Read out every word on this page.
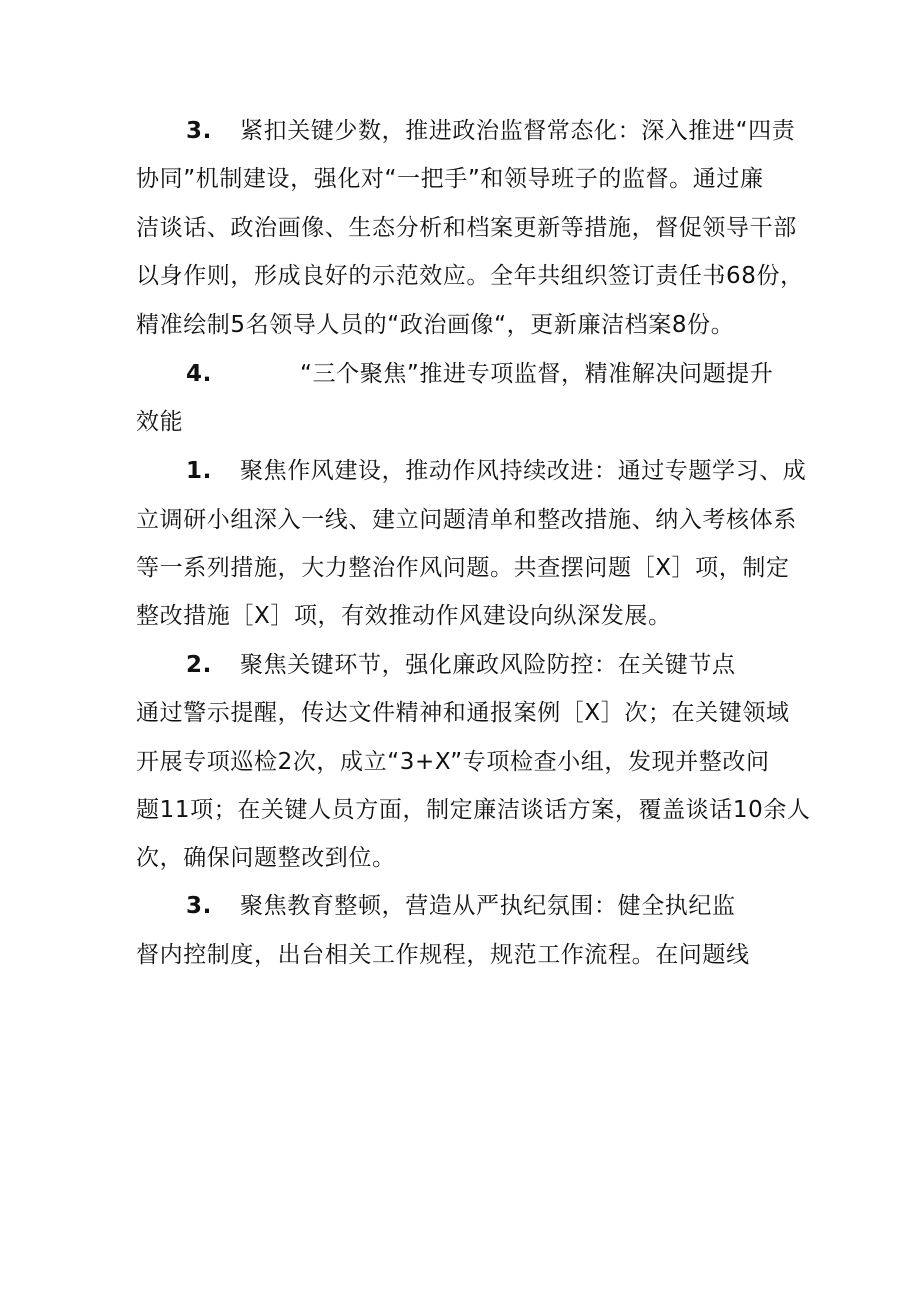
3. 紧扣关键少数，推进政治监督常态化：深入推进“四责
协同”机制建设，强化对“一把手”和领导班子的监督。通过廉
洁谈话、政治画像、生态分析和档案更新等措施，督促领导干部
以身作则，形成良好的示范效应。全年共组织签订责任书68份，
精准绘制5名领导人员的“政治画像“，更新廉洁档案8份。
4.	“三个聚焦”推进专项监督，精准解决问题提升
效能
1. 聚焦作风建设，推动作风持续改进：通过专题学习、成
立调研小组深入一线、建立问题清单和整改措施、纳入考核体系
等一系列措施，大力整治作风问题。共查摆问题［X］项，制定
整改措施［X］项，有效推动作风建设向纵深发展。
2. 聚焦关键环节，强化廉政风险防控：在关键节点
通过警示提醒，传达文件精神和通报案例［X］次；在关键领域
开展专项巡检2次，成立“3+X”专项检查小组，发现并整改问
题11项；在关键人员方面，制定廉洁谈话方案，覆盖谈话10余人
次，确保问题整改到位。
3. 聚焦教育整顿，营造从严执纪氛围：健全执纪监
督内控制度，出台相关工作规程，规范工作流程。在问题线
